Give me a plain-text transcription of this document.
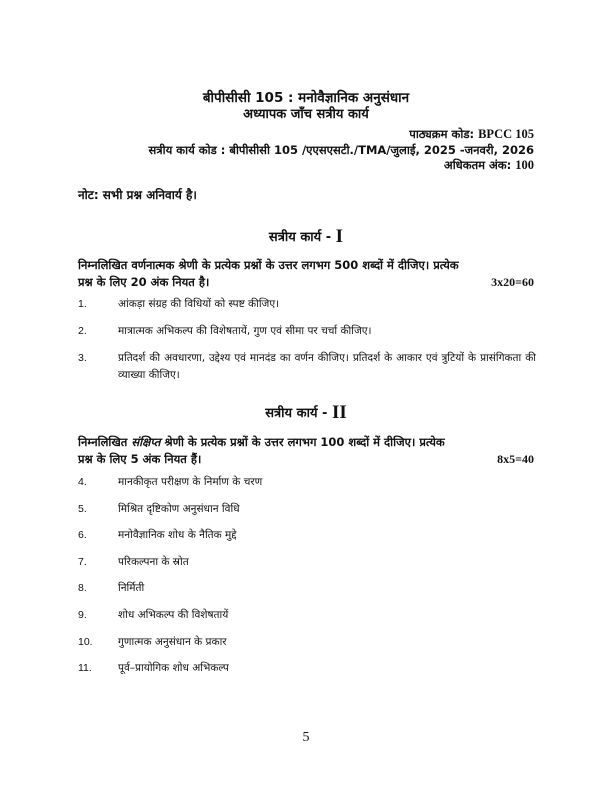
बीपीसीसी 105 : मनोवैज्ञानिक अनुसंधान
अध्यापक जाँच सत्रीय कार्य
पाठ्यक्रम कोड: BPCC 105
सत्रीय कार्य कोड : बीपीसीसी 105 /एएसएसटी./TMA/जुलाई, 2025 -जनवरी, 2026
अधिकतम अंक: 100
नोट: सभी प्रश्न अनिवार्य है।
सत्रीय कार्य - I
निम्नलिखित वर्णनात्मक श्रेणी के प्रत्येक प्रश्नों के उत्तर लगभग 500 शब्दों में दीजिए। प्रत्येक
प्रश्न के लिए 20 अंक नियत है।	3x20=60
1.	आंकड़ा संग्रह की विधियों को स्पष्ट कीजिए।
2.	मात्रात्मक अभिकल्प की विशेषतायें, गुण एवं सीमा पर चर्चा कीजिए।
3.	प्रतिदर्श की अवधारणा, उद्देश्य एवं मानदंड का वर्णन कीजिए। प्रतिदर्श के आकार एवं त्रुटियों के प्रासंगिकता की व्याख्या कीजिए।
सत्रीय कार्य - II
निम्नलिखित संक्षिप्त श्रेणी के प्रत्येक प्रश्नों के उत्तर लगभग 100 शब्दों में दीजिए। प्रत्येक
प्रश्न के लिए 5 अंक नियत हैं।	8x5=40
4.	मानकीकृत परीक्षण के निर्माण के चरण
5.	मिश्रित दृष्टिकोण अनुसंधान विधि
6.	मनोवैज्ञानिक शोध के नैतिक मुद्दे
7.	परिकल्पना के स्रोत
8.	निर्मिती
9.	शोध अभिकल्प की विशेषतायें
10. गुणात्मक अनुसंधान के प्रकार
11. पूर्व–प्रायोगिक शोध अभिकल्प
5
